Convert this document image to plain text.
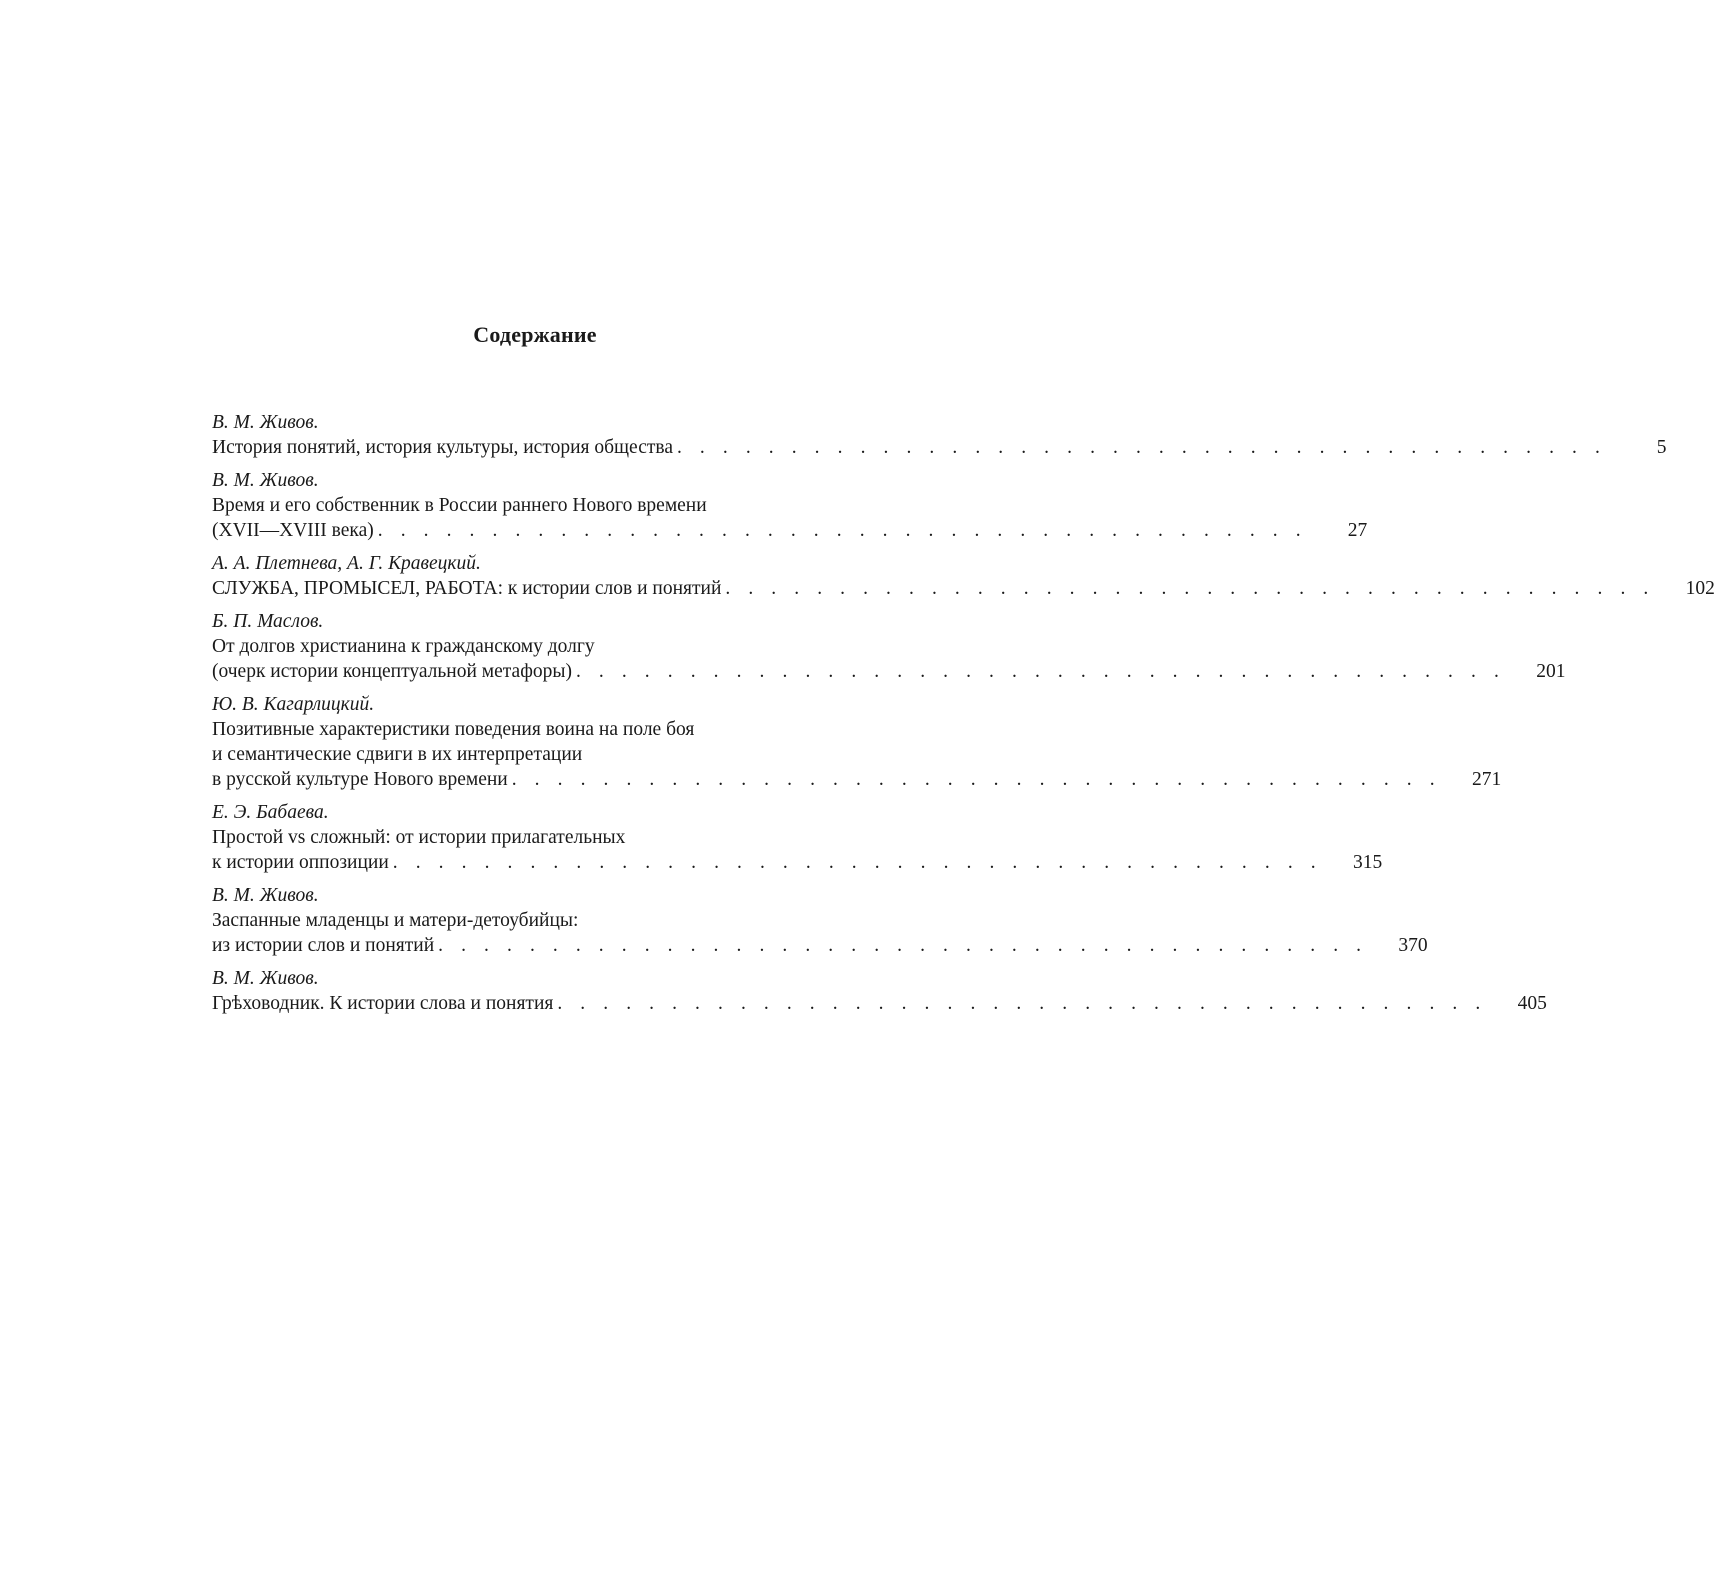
Содержание
В. М. Живов.
История понятий, история культуры, история общества . . . . . . . . . . . . . . . . . . . . . . . . . . . . . . . . . . . . . . . . .	5
В. М. Живов.
Время и его собственник в России раннего Нового времени
(XVII—XVIII века) . . . . . . . . . . . . . . . . . . . . . . . . . . . . . . . . . . . . . . . . .	27
А. А. Плетнева, А. Г. Кравецкий.
СЛУЖБА, ПРОМЫСЕЛ, РАБОТА: к истории слов и понятий . . . . . . . . . . . . . . . . . . . . . . . . . . . . . . . . . . . . . . . . .	102
Б. П. Маслов.
От долгов христианина к гражданскому долгу
(очерк истории концептуальной метафоры) . . . . . . . . . . . . . . . . . . . . . . . . . . . . . . . . . . . . . . . . .	201
Ю. В. Кагарлицкий.
Позитивные характеристики поведения воина на поле боя
и семантические сдвиги в их интерпретации
в русской культуре Нового времени . . . . . . . . . . . . . . . . . . . . . . . . . . . . . . . . . . . . . . . . .	271
Е. Э. Бабаева.
Простой vs сложный: от истории прилагательных
к истории оппозиции . . . . . . . . . . . . . . . . . . . . . . . . . . . . . . . . . . . . . . . . .	315
В. М. Живов.
Заспанные младенцы и матери-детоубийцы:
из истории слов и понятий . . . . . . . . . . . . . . . . . . . . . . . . . . . . . . . . . . . . . . . . .	370
В. М. Живов.
Грѣховодник. К истории слова и понятия . . . . . . . . . . . . . . . . . . . . . . . . . . . . . . . . . . . . . . . . .	405
